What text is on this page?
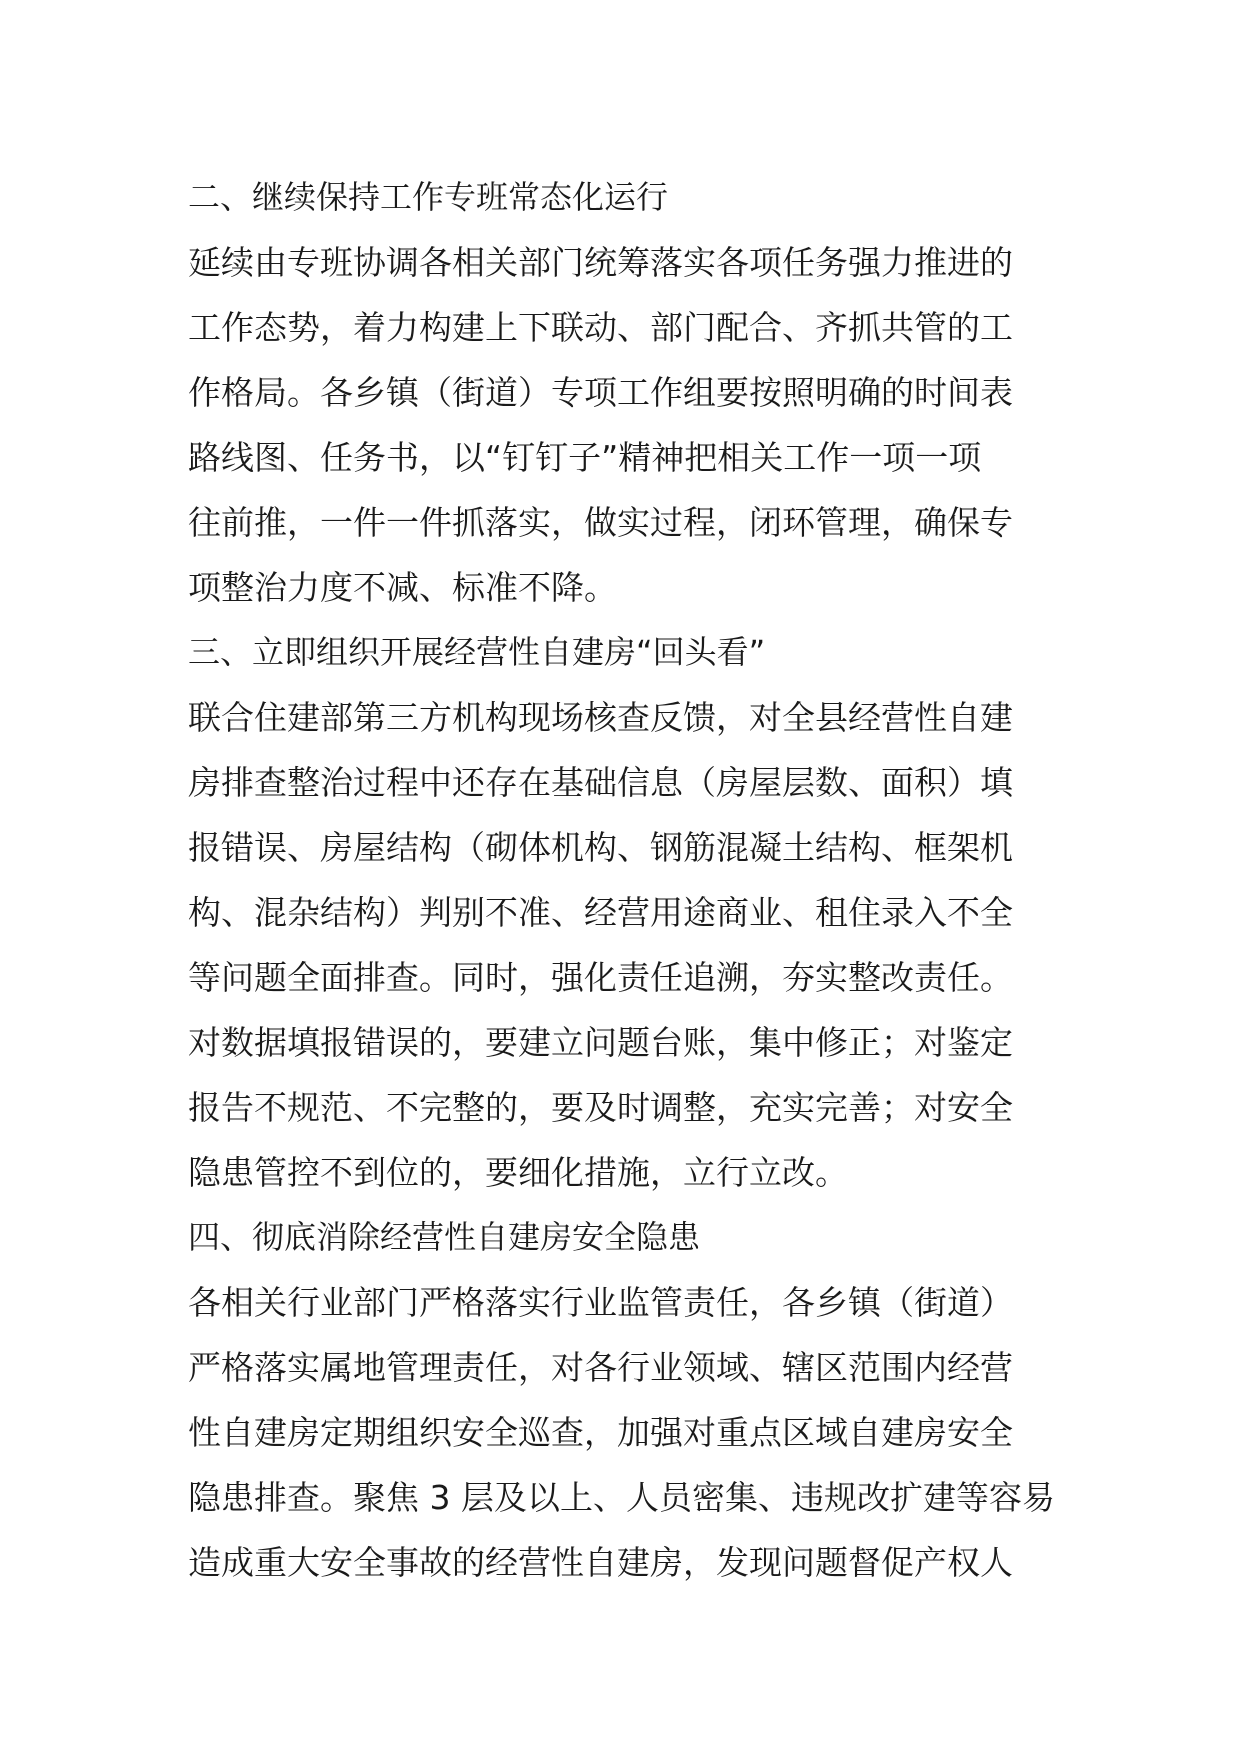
二、继续保持工作专班常态化运行
延续由专班协调各相关部门统筹落实各项任务强力推进的
工作态势，着力构建上下联动、部门配合、齐抓共管的工
作格局。各乡镇（街道）专项工作组要按照明确的时间表
路线图、任务书，以“钉钉子”精神把相关工作一项一项
往前推，一件一件抓落实，做实过程，闭环管理，确保专
项整治力度不减、标准不降。
三、立即组织开展经营性自建房“回头看”
联合住建部第三方机构现场核查反馈，对全县经营性自建
房排查整治过程中还存在基础信息（房屋层数、面积）填
报错误、房屋结构（砌体机构、钢筋混凝土结构、框架机
构、混杂结构）判别不准、经营用途商业、租住录入不全
等问题全面排查。同时，强化责任追溯，夯实整改责任。
对数据填报错误的，要建立问题台账，集中修正；对鉴定
报告不规范、不完整的，要及时调整，充实完善；对安全
隐患管控不到位的，要细化措施，立行立改。
四、彻底消除经营性自建房安全隐患
各相关行业部门严格落实行业监管责任，各乡镇（街道）
严格落实属地管理责任，对各行业领域、辖区范围内经营
性自建房定期组织安全巡查，加强对重点区域自建房安全
隐患排查。聚焦 3 层及以上、人员密集、违规改扩建等容易
造成重大安全事故的经营性自建房，发现问题督促产权人
